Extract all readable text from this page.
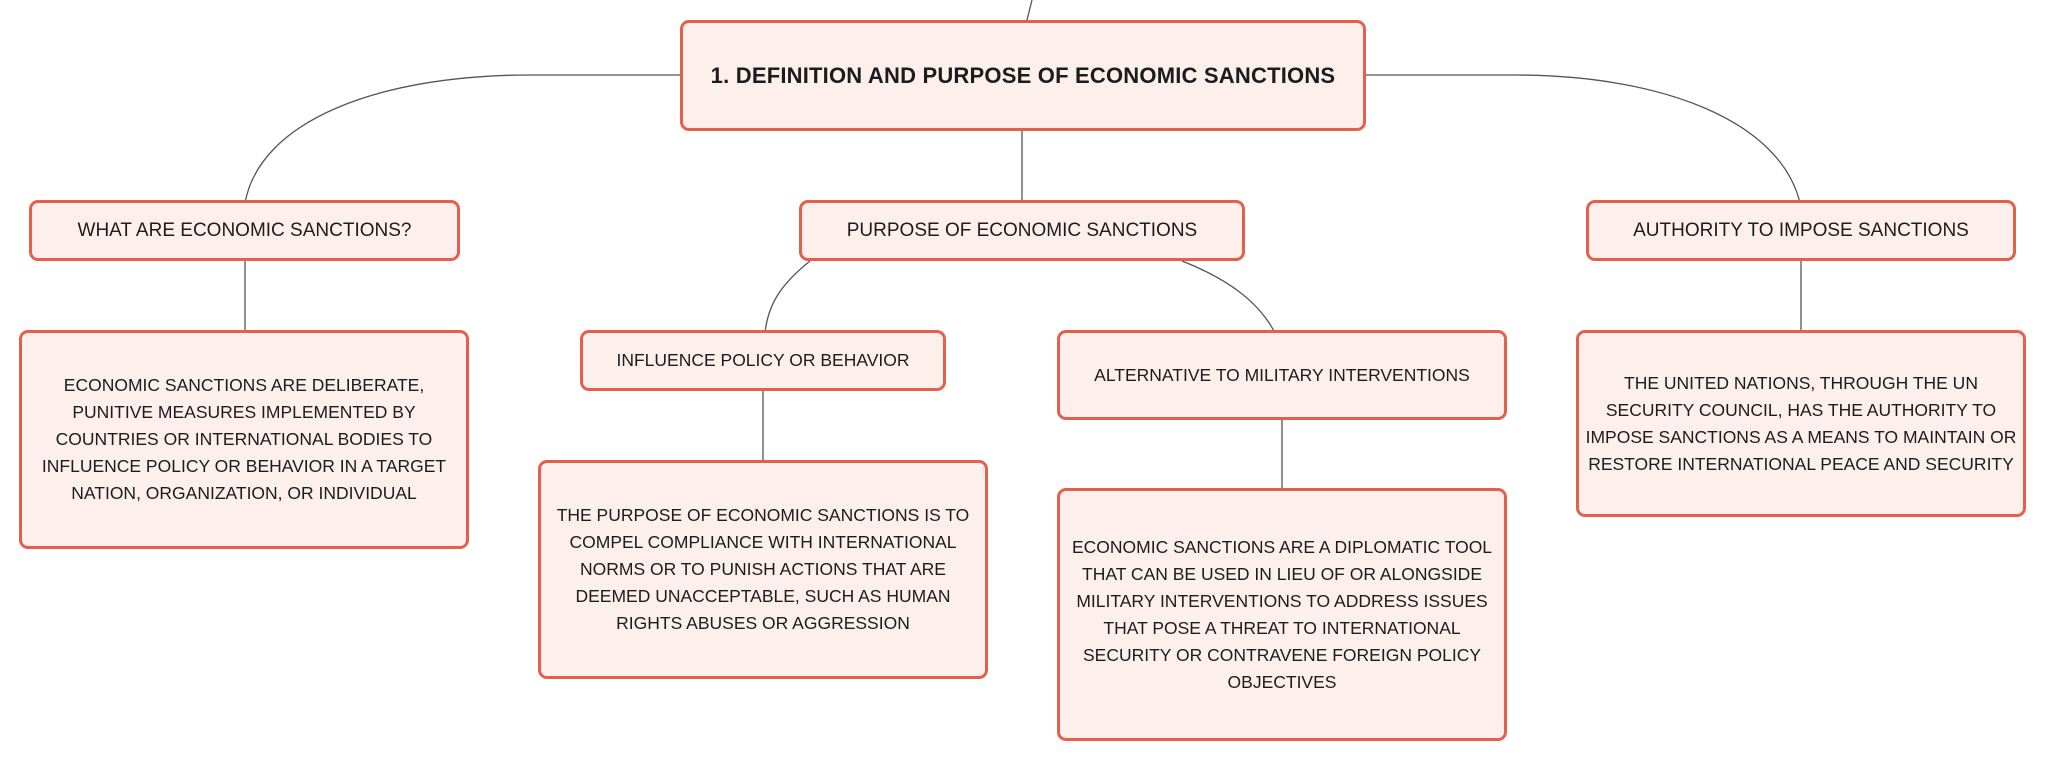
1. DEFINITION AND PURPOSE OF ECONOMIC SANCTIONS
WHAT ARE ECONOMIC SANCTIONS?	PURPOSE OF ECONOMIC SANCTIONS	AUTHORITY TO IMPOSE SANCTIONS
ECONOMIC SANCTIONS ARE DELIBERATE, PUNITIVE MEASURES IMPLEMENTED BY COUNTRIES OR INTERNATIONAL BODIES TO INFLUENCE POLICY OR BEHAVIOR IN A TARGET NATION, ORGANIZATION, OR INDIVIDUAL
INFLUENCE POLICY OR BEHAVIOR
ALTERNATIVE TO MILITARY INTERVENTIONS	THE UNITED NATIONS, THROUGH THE UN SECURITY COUNCIL, HAS THE AUTHORITY TO IMPOSE SANCTIONS AS A MEANS TO MAINTAIN OR RESTORE INTERNATIONAL PEACE AND SECURITY
THE PURPOSE OF ECONOMIC SANCTIONS IS TO COMPEL COMPLIANCE WITH INTERNATIONAL NORMS OR TO PUNISH ACTIONS THAT ARE DEEMED UNACCEPTABLE, SUCH AS HUMAN RIGHTS ABUSES OR AGGRESSION
ECONOMIC SANCTIONS ARE A DIPLOMATIC TOOL THAT CAN BE USED IN LIEU OF OR ALONGSIDE MILITARY INTERVENTIONS TO ADDRESS ISSUES THAT POSE A THREAT TO INTERNATIONAL SECURITY OR CONTRAVENE FOREIGN POLICY OBJECTIVES
